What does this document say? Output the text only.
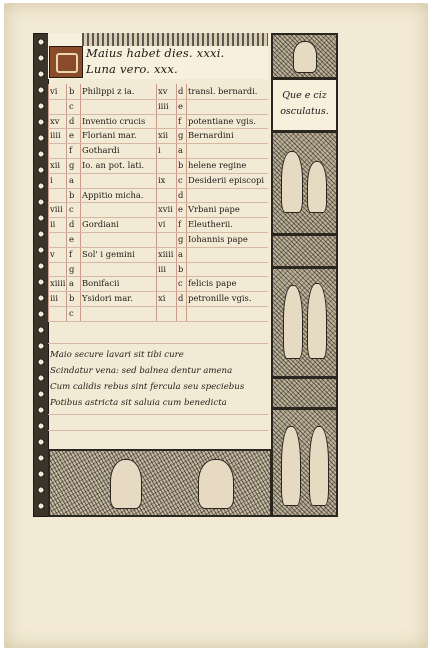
Maius habet dies. xxxi.
Luna vero. xxx.
vi b Philippi z ia.	xv d transl. bernardi.
c	iiii e
xv d Inventio crucis	f potentiane vgis.
iiii e Floriani mar.	xii g Bernardini
f Gothardi	i a
xii g Io. an pot. lati.	b helene regine
i a	ix c Desiderii episcopi
b Appitio micha.	d
viii c	xvii e Vrbani pape
ii d Gordiani	vi f Eleutherii.
e	g Iohannis pape
v f Sol' i gemini	xiiii a
g	iii b
xiiii a Bonifacii	c felicis pape
iii b Ysidori mar.	xi d petronille vgis.
c
Maio secure lavari sit tibi cure
Scindatur vena: sed balnea dentur amena
Cum calidis rebus sint fercula seu speciebus
Potibus astricta sit saluia cum benedicta
Que e ciz
osculatus.
